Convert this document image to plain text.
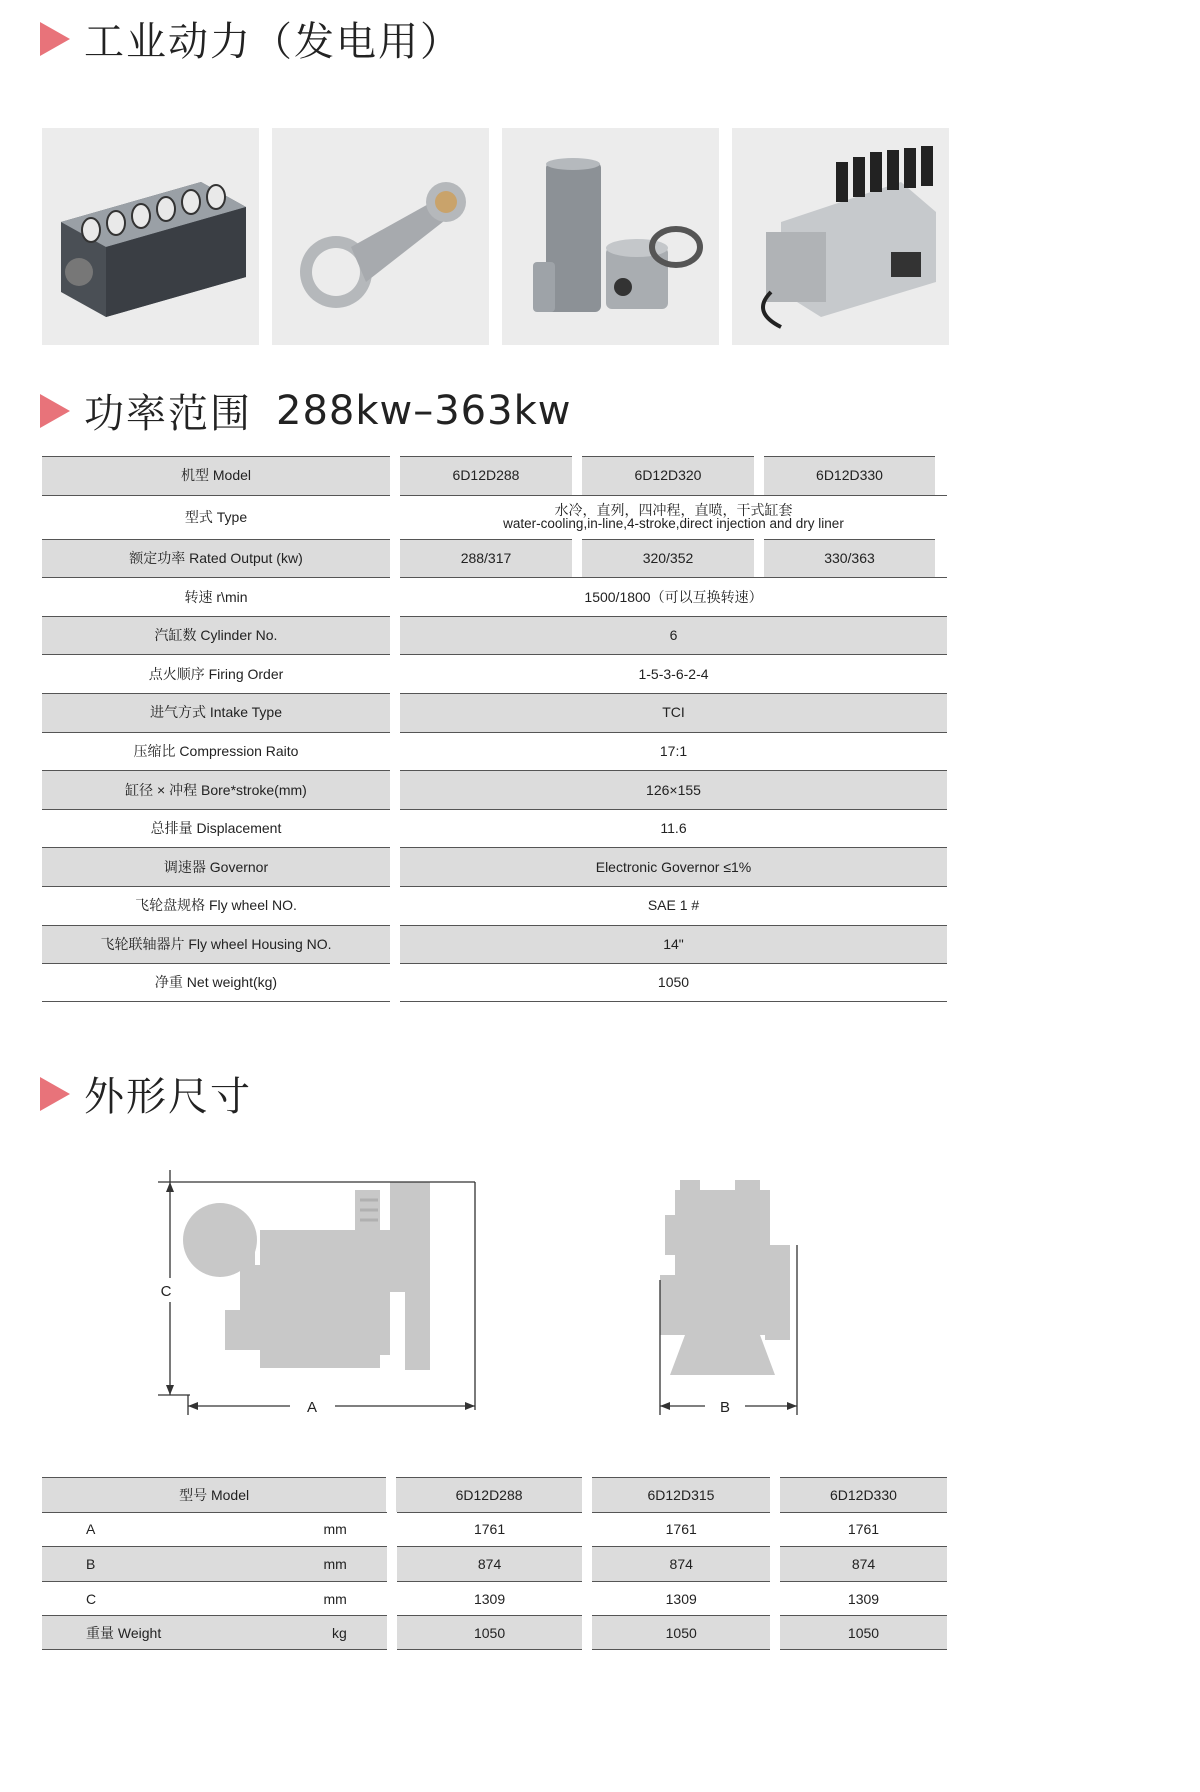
工业动力（发电用）
功率范围 288kw–363kw
机型 Model	6D12D288	6D12D320	6D12D330
型式 Type	水冷，直列，四冲程，直喷，干式缸套
water-cooling,in-line,4-stroke,direct injection and dry liner
额定功率 Rated Output (kw)	288/317	320/352	330/363
转速 r\min	1500/1800（可以互换转速）
汽缸数 Cylinder No.	6
点火顺序 Firing Order	1-5-3-6-2-4
进气方式 Intake Type	TCI
压缩比 Compression Raito	17:1
缸径 × 冲程 Bore*stroke(mm)	126×155
总排量 Displacement	11.6
调速器 Governor	Electronic Governor ≤1%
飞轮盘规格 Fly wheel NO.	SAE 1 #
飞轮联轴器片 Fly wheel Housing NO.	14"
净重 Net weight(kg)	1050
外形尺寸
C
A	B
型号 Model	6D12D288	6D12D315	6D12D330
A	mm	1761	1761	1761
B	mm	874	874	874
C	mm	1309	1309	1309
重量 Weight	kg	1050	1050	1050
